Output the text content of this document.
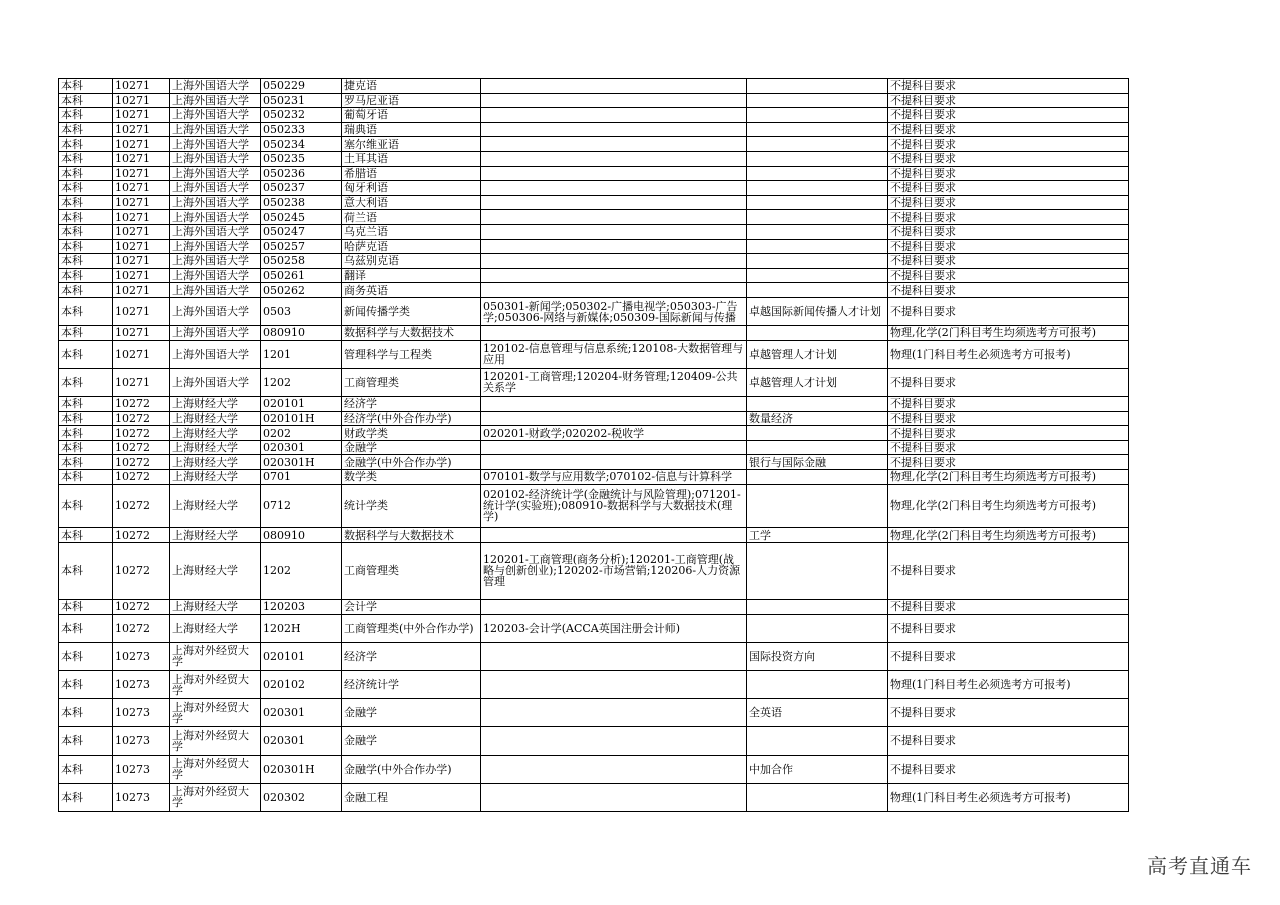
本科	10271	上海外国语大学	050229	捷克语			不提科目要求
本科	10271	上海外国语大学	050231	罗马尼亚语			不提科目要求
本科	10271	上海外国语大学	050232	葡萄牙语			不提科目要求
本科	10271	上海外国语大学	050233	瑞典语			不提科目要求
本科	10271	上海外国语大学	050234	塞尔维亚语			不提科目要求
本科	10271	上海外国语大学	050235	土耳其语			不提科目要求
本科	10271	上海外国语大学	050236	希腊语			不提科目要求
本科	10271	上海外国语大学	050237	匈牙利语			不提科目要求
本科	10271	上海外国语大学	050238	意大利语			不提科目要求
本科	10271	上海外国语大学	050245	荷兰语			不提科目要求
本科	10271	上海外国语大学	050247	乌克兰语			不提科目要求
本科	10271	上海外国语大学	050257	哈萨克语			不提科目要求
本科	10271	上海外国语大学	050258	乌兹别克语			不提科目要求
本科	10271	上海外国语大学	050261	翻译			不提科目要求
本科	10271	上海外国语大学	050262	商务英语			不提科目要求
本科	10271	上海外国语大学	0503	新闻传播学类	050301-新闻学;050302-广播电视学;050303-广告学;050306-网络与新媒体;050309-国际新闻与传播	卓越国际新闻传播人才计划	不提科目要求
本科	10271	上海外国语大学	080910	数据科学与大数据技术			物理,化学(2门科目考生均须选考方可报考)
本科	10271	上海外国语大学	1201	管理科学与工程类	120102-信息管理与信息系统;120108-大数据管理与应用	卓越管理人才计划	物理(1门科目考生必须选考方可报考)
本科	10271	上海外国语大学	1202	工商管理类	120201-工商管理;120204-财务管理;120409-公共关系学	卓越管理人才计划	不提科目要求
本科	10272	上海财经大学	020101	经济学			不提科目要求
本科	10272	上海财经大学	020101H	经济学(中外合作办学)		数量经济	不提科目要求
本科	10272	上海财经大学	0202	财政学类	020201-财政学;020202-税收学		不提科目要求
本科	10272	上海财经大学	020301	金融学			不提科目要求
本科	10272	上海财经大学	020301H	金融学(中外合作办学)		银行与国际金融	不提科目要求
本科	10272	上海财经大学	0701	数学类	070101-数学与应用数学;070102-信息与计算科学		物理,化学(2门科目考生均须选考方可报考)
本科	10272	上海财经大学	0712	统计学类	020102-经济统计学(金融统计与风险管理);071201-统计学(实验班);080910-数据科学与大数据技术(理学)		物理,化学(2门科目考生均须选考方可报考)
本科	10272	上海财经大学	080910	数据科学与大数据技术		工学	物理,化学(2门科目考生均须选考方可报考)
本科	10272	上海财经大学	1202	工商管理类	120201-工商管理(商务分析);120201-工商管理(战略与创新创业);120202-市场营销;120206-人力资源管理		不提科目要求
本科	10272	上海财经大学	120203	会计学			不提科目要求
本科	10272	上海财经大学	1202H	工商管理类(中外合作办学)	120203-会计学(ACCA英国注册会计师)		不提科目要求
本科	10273	上海对外经贸大学	020101	经济学		国际投资方向	不提科目要求
本科	10273	上海对外经贸大学	020102	经济统计学			物理(1门科目考生必须选考方可报考)
本科	10273	上海对外经贸大学	020301	金融学		全英语	不提科目要求
本科	10273	上海对外经贸大学	020301	金融学			不提科目要求
本科	10273	上海对外经贸大学	020301H	金融学(中外合作办学)		中加合作	不提科目要求
本科	10273	上海对外经贸大学	020302	金融工程			物理(1门科目考生必须选考方可报考)
高考直通车
